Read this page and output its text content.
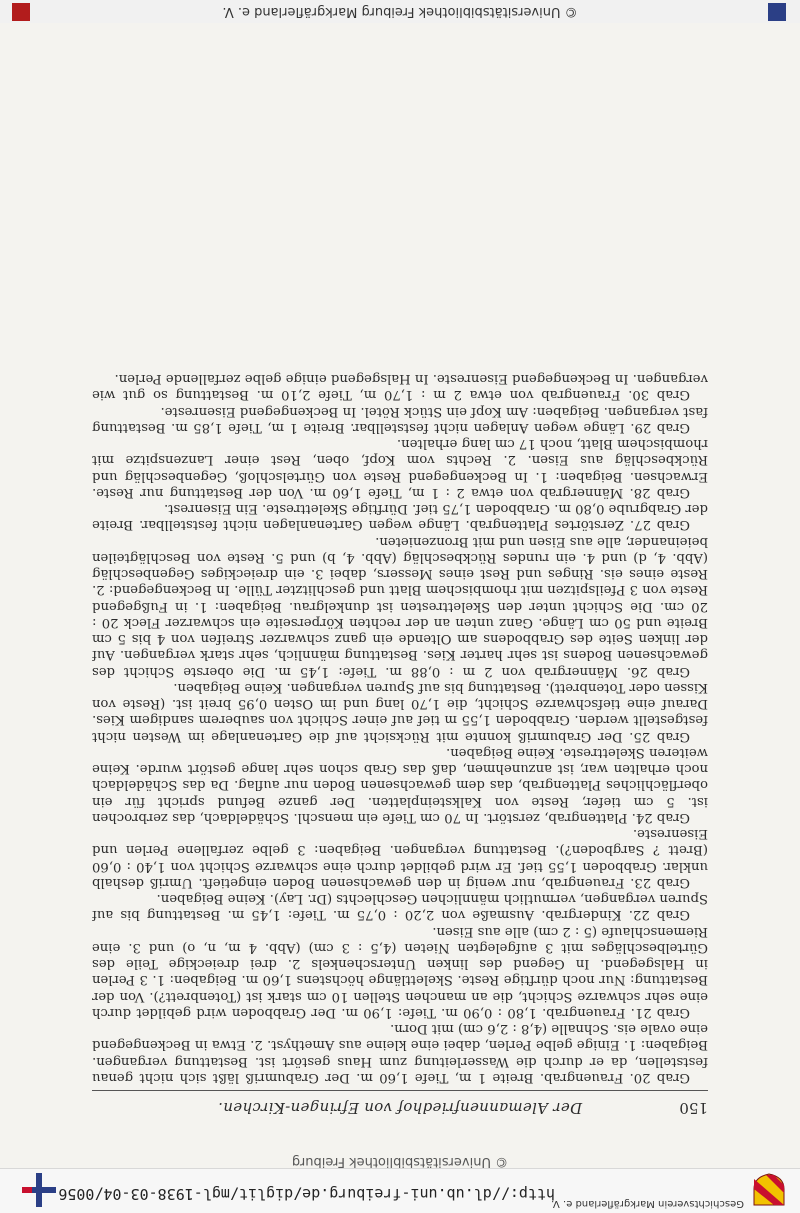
Geschichtsverein Markgräflerland e. V.
http://dl.ub.uni-freiburg.de/diglit/mgl-1938-03-04/0056
© Universitätsbibliothek Freiburg
150
Der Alemannenfriedhof von Efringen-Kirchen.

Grab 20. Frauengrab. Breite 1 m, Tiefe 1,60 m. Der Grabumriß läßt sich nicht genau feststellen, da er durch die Wasserleitung zum Haus gestört ist. Bestattung vergangen. Beigaben: 1. Einige gelbe Perlen, dabei eine kleine aus Amethyst. 2. Etwa in Beckengegend eine ovale eis. Schnalle (4,8 : 2,6 cm) mit Dorn.

Grab 21. Frauengrab. 1,80 : 0,90 m. Tiefe: 1,90 m. Der Grabboden wird gebildet durch eine sehr schwarze Schicht, die an manchen Stellen 10 cm stark ist (Totenbrett?). Von der Bestattung: Nur noch dürftige Reste. Skelettlänge höchstens 1,60 m. Beigaben: 1. 3 Perlen in Halsgegend. In Gegend des linken Unterschenkels 2. drei dreieckige Teile des Gürtelbeschläges mit 3 aufgelegten Nieten (4,5 : 3 cm) (Abb. 4 m, n, o) und 3. eine Riemenschlaufe (5 : 2 cm) alle aus Eisen.

Grab 22. Kindergrab. Ausmaße von 2,20 : 0,75 m. Tiefe: 1,45 m. Bestattung bis auf Spuren vergangen, vermutlich männlichen Geschlechts (Dr. Lay). Keine Beigaben.

Grab 23. Frauengrab, nur wenig in den gewachsenen Boden eingetieft. Umriß deshalb unklar. Grabboden 1,55 tief. Er wird gebildet durch eine schwarze Schicht von 1,40 : 0,60 (Brett ? Sargboden?). Bestattung vergangen. Beigaben: 3 gelbe zerfallene Perlen und Eisenreste.

Grab 24. Plattengrab, zerstört. In 70 cm Tiefe ein menschl. Schädeldach, das zerbrochen ist. 5 cm tiefer, Reste von Kalksteinplatten. Der ganze Befund spricht für ein oberflächliches Plattengrab, das dem gewachsenen Boden nur auflag. Da das Schädeldach noch erhalten war, ist anzunehmen, daß das Grab schon sehr lange gestört wurde. Keine weiteren Skelettreste. Keine Beigaben.

Grab 25. Der Grabumriß konnte mit Rücksicht auf die Gartenanlage im Westen nicht festgestellt werden. Grabboden 1,55 m tief auf einer Schicht von sauberem sandigem Kies. Darauf eine tiefschwarze Schicht, die 1,70 lang und im Osten 0,95 breit ist. (Reste von Kissen oder Totenbrett). Bestattung bis auf Spuren vergangen. Keine Beigaben.

Grab 26. Männergrab von 2 m : 0,88 m. Tiefe: 1,45 m. Die oberste Schicht des gewachsenen Bodens ist sehr harter Kies. Bestattung männlich, sehr stark vergangen. Auf der linken Seite des Grabbodens am Oltende ein ganz schwarzer Streifen von 4 bis 5 cm Breite und 50 cm Länge. Ganz unten an der rechten Körperseite ein schwarzer Fleck 20 : 20 cm. Die Schicht unter den Skelettresten ist dunkelgrau. Beigaben: 1. in Fußgegend Reste von 3 Pfeilspitzen mit rhombischem Blatt und geschlitzter Tülle. In Beckengegend: 2. Reste eines eis. Ringes und Rest eines Messers, dabei 3. ein dreieckiges Gegenbeschläg (Abb. 4, d) und 4. ein rundes Rückbeschläg (Abb. 4, b) und 5. Reste von Beschlägteilen beieinander, alle aus Eisen und mit Bronzenieten.

Grab 27. Zerstörtes Plattengrab. Länge wegen Gartenanlagen nicht feststellbar. Breite der Grabgrube 0,80 m. Grabboden 1,75 tief. Dürftige Skelettreste. Ein Eisenrest.

Grab 28. Männergrab von etwa 2 : 1 m, Tiefe 1,60 m. Von der Bestattung nur Reste. Erwachsen. Beigaben: 1. In Beckengegend Reste von Gürtelschloß, Gegenbeschläg und Rückbeschläg aus Eisen. 2. Rechts vom Kopf, oben, Rest einer Lanzenspitze mit rhombischem Blatt, noch 17 cm lang erhalten.

Grab 29. Länge wegen Anlagen nicht feststellbar. Breite 1 m, Tiefe 1,85 m. Bestattung fast vergangen. Beigaben: Am Kopf ein Stück Rötel. In Beckengegend Eisenreste.

Grab 30. Frauengrab von etwa 2 m : 1,70 m, Tiefe 2,10 m. Bestattung so gut wie vergangen. In Beckengegend Eisenreste. In Halsgegend einige gelbe zerfallende Perlen.

© Universitätsbibliothek Freiburg Markgräflerland e. V.
